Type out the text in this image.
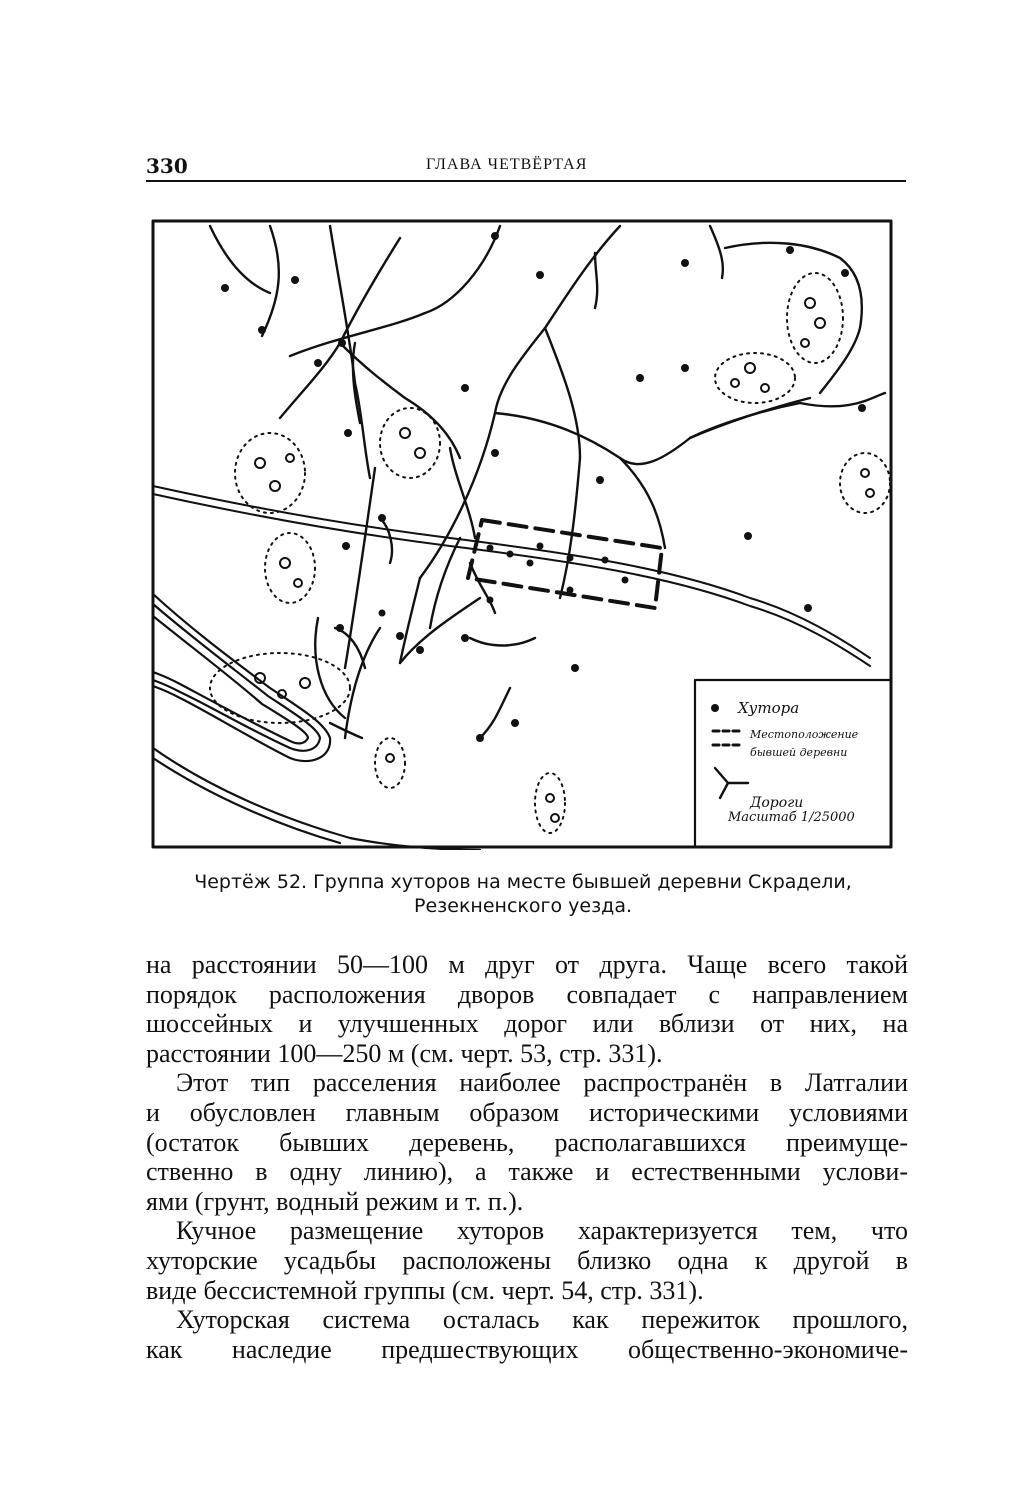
330	ГЛАВА ЧЕТВЁРТАЯ
Хутора
Местоположение
бывшей деревни
Дороги
Масштаб 1/25000
Чертёж 52. Группа хуторов на месте бывшей деревни Скрадели,
Резекненского уезда.

на расстоянии 50—100 м друг от друга. Чаще всего такой

порядок расположения дворов совпадает с направлением

шоссейных и улучшенных дорог или вблизи от них, на

расстоянии 100—250 м (см. черт. 53, стр. 331).

Этот тип расселения наиболее распространён в Латгалии

и обусловлен главным образом историческими условиями

(остаток бывших деревень, располагавшихся преимуще-

ственно в одну линию), а также и естественными услови-

ями (грунт, водный режим и т. п.).

Кучное размещение хуторов характеризуется тем, что

хуторские усадьбы расположены близко одна к другой в

виде бессистемной группы (см. черт. 54, стр. 331).

Хуторская система осталась как пережиток прошлого,

как наследие предшествующих общественно-экономиче-
